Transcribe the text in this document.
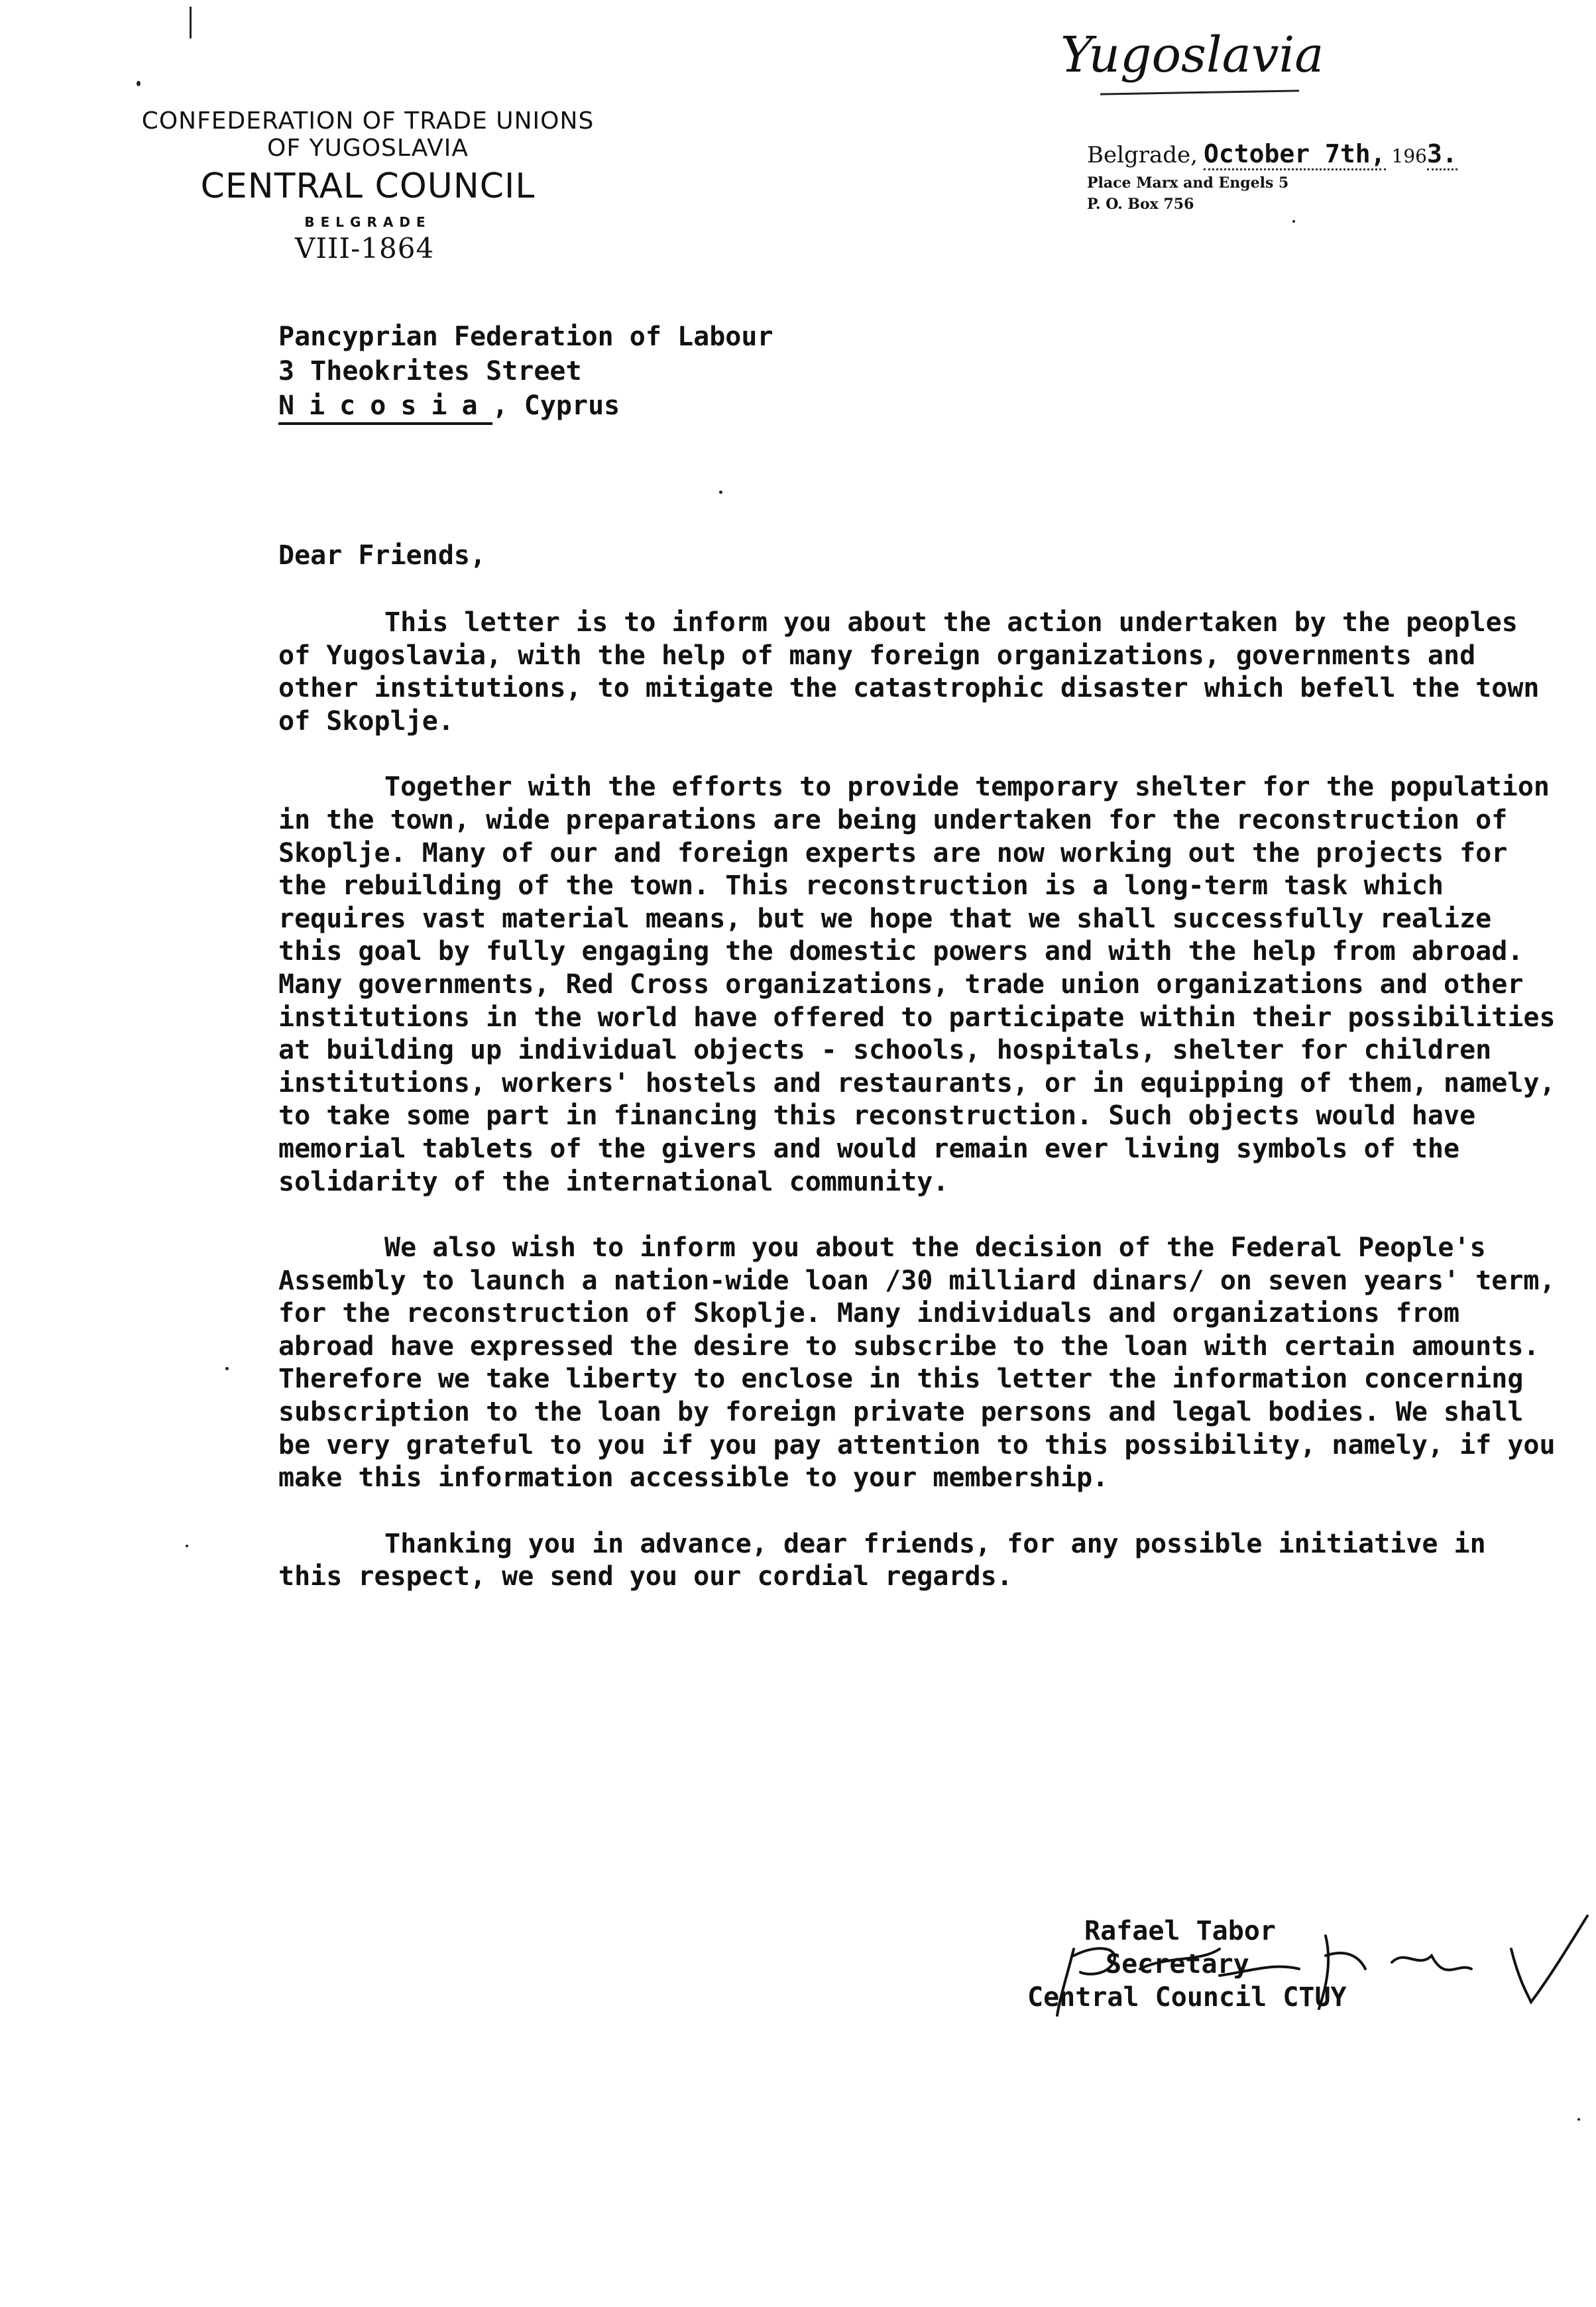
Yugoslavia
CONFEDERATION OF TRADE UNIONS
OF YUGOSLAVIA
CENTRAL COUNCIL
BELGRADE
VIII-1864
Belgrade, October 7th, 1963.
Place Marx and Engels 5
P. O. Box 756
Pancyprian Federation of Labour
3 Theokrites Street
Nicosia, Cyprus
Dear Friends,

This letter is to inform you about the action undertaken by the peoples of Yugoslavia, with the help of many foreign organizations, governments and other institutions, to mitigate the catastrophic disaster which befell the town of Skoplje.

Together with the efforts to provide temporary shelter for the population in the town, wide preparations are being undertaken for the reconstruction of Skoplje. Many of our and foreign experts are now working out the projects for the rebuilding of the town. This reconstruction is a long-term task which requires vast material means, but we hope that we shall successfully realize this goal by fully engaging the domestic powers and with the help from abroad. Many governments, Red Cross organizations, trade union organizations and other institutions in the world have offered to participate within their possibilities at building up individual objects - schools, hospitals, shelter for children institutions, workers' hostels and restaurants, or in equipping of them, namely, to take some part in financing this reconstruction. Such objects would have memorial tablets of the givers and would remain ever living symbols of the solidarity of the international community.

We also wish to inform you about the decision of the Federal People's Assembly to launch a nation-wide loan /30 milliard dinars/ on seven years' term, for the reconstruction of Skoplje. Many individuals and organizations from abroad have expressed the desire to subscribe to the loan with certain amounts. Therefore we take liberty to enclose in this letter the information concerning subscription to the loan by foreign private persons and legal bodies. We shall be very grateful to you if you pay attention to this possibility, namely, if you make this information accessible to your membership.

Thanking you in advance, dear friends, for any possible initiative in this respect, we send you our cordial regards.

Rafael Tabor
Secretary
Central Council CTUY
